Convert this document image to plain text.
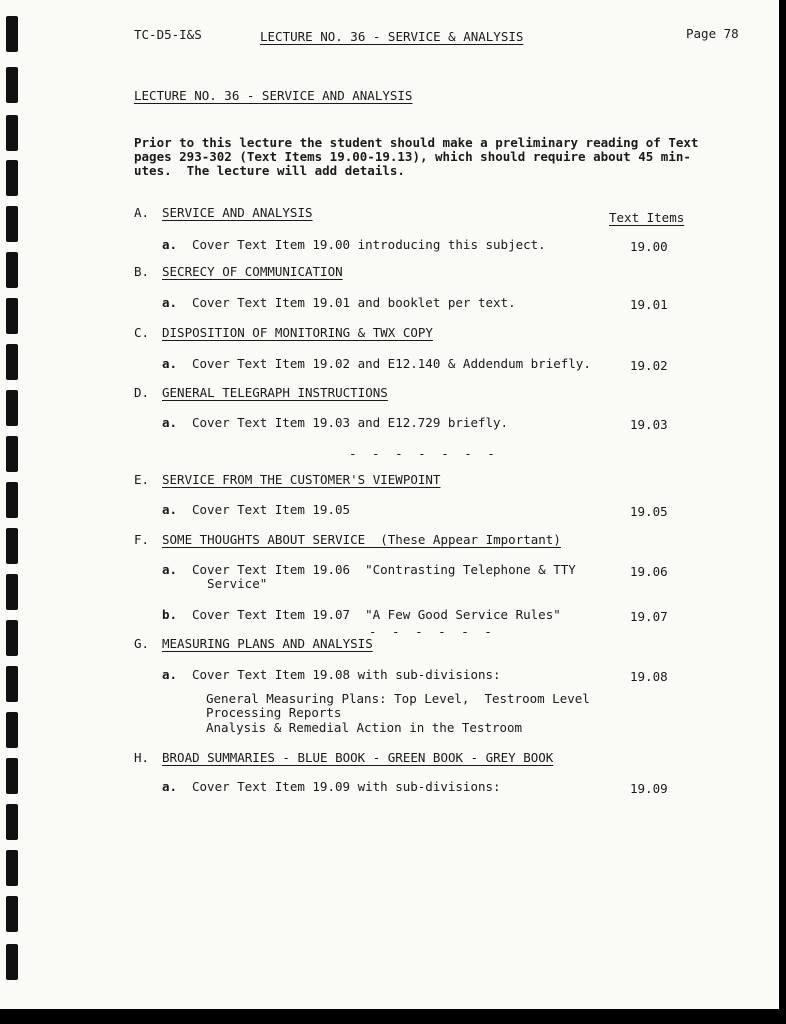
TC-D5-I&S	LECTURE NO. 36 - SERVICE & ANALYSIS	Page 78
LECTURE NO. 36 - SERVICE AND ANALYSIS
Prior to this lecture the student should make a preliminary reading of Text
pages 293-302 (Text Items 19.00-19.13), which should require about 45 min-
utes.  The lecture will add details.
Text Items
- - - - - - -
- - - - - -
A. SERVICE AND ANALYSIS
a. Cover Text Item 19.00 introducing this subject.	19.00
B. SECRECY OF COMMUNICATION
a. Cover Text Item 19.01 and booklet per text.	19.01
C. DISPOSITION OF MONITORING & TWX COPY
a. Cover Text Item 19.02 and E12.140 & Addendum briefly.	19.02
D. GENERAL TELEGRAPH INSTRUCTIONS
a. Cover Text Item 19.03 and E12.729 briefly.	19.03
E. SERVICE FROM THE CUSTOMER'S VIEWPOINT
a. Cover Text Item 19.05	19.05
F. SOME THOUGHTS ABOUT SERVICE  (These Appear Important)
a. Cover Text Item 19.06  "Contrasting Telephone & TTY
Service"
19.06
b. Cover Text Item 19.07  "A Few Good Service Rules"	19.07
G. MEASURING PLANS AND ANALYSIS
a. Cover Text Item 19.08 with sub-divisions:	19.08
General Measuring Plans: Top Level,  Testroom Level
Processing Reports
Analysis & Remedial Action in the Testroom
H. BROAD SUMMARIES - BLUE BOOK - GREEN BOOK - GREY BOOK
a. Cover Text Item 19.09 with sub-divisions:	19.09
